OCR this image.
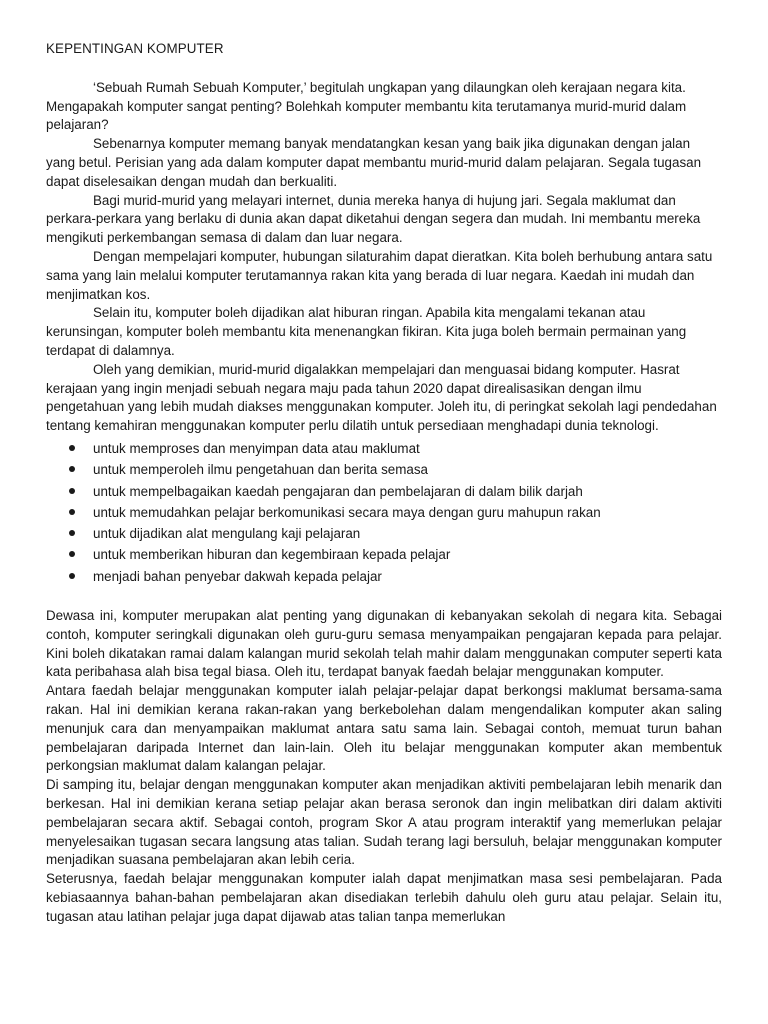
KEPENTINGAN KOMPUTER

‘Sebuah Rumah Sebuah Komputer,’ begitulah ungkapan yang dilaungkan oleh kerajaan negara kita. Mengapakah komputer sangat penting? Bolehkah komputer membantu kita terutamanya murid-murid dalam pelajaran?

Sebenarnya komputer memang banyak mendatangkan kesan yang baik jika digunakan dengan jalan yang betul. Perisian yang ada dalam komputer dapat membantu murid-murid dalam pelajaran. Segala tugasan dapat diselesaikan dengan mudah dan berkualiti.

Bagi murid-murid yang melayari internet, dunia mereka hanya di hujung jari. Segala maklumat dan perkara-perkara yang berlaku di dunia akan dapat diketahui dengan segera dan mudah. Ini membantu mereka mengikuti perkembangan semasa di dalam dan luar negara.

Dengan mempelajari komputer, hubungan silaturahim dapat dieratkan. Kita boleh berhubung antara satu sama yang lain melalui komputer terutamannya rakan kita yang berada di luar negara. Kaedah ini mudah dan menjimatkan kos.

Selain itu, komputer boleh dijadikan alat hiburan ringan. Apabila kita mengalami tekanan atau kerunsingan, komputer boleh membantu kita menenangkan fikiran. Kita juga boleh bermain permainan yang terdapat di dalamnya.

Oleh yang demikian, murid-murid digalakkan mempelajari dan menguasai bidang komputer. Hasrat kerajaan yang ingin menjadi sebuah negara maju pada tahun 2020 dapat direalisasikan dengan ilmu pengetahuan yang lebih mudah diakses menggunakan komputer. Joleh itu, di peringkat sekolah lagi pendedahan tentang kemahiran menggunakan komputer perlu dilatih untuk persediaan menghadapi dunia teknologi.

untuk memproses dan menyimpan data atau maklumat
untuk memperoleh ilmu pengetahuan dan berita semasa
untuk mempelbagaikan kaedah pengajaran dan pembelajaran di dalam bilik darjah
untuk memudahkan pelajar berkomunikasi secara maya dengan guru mahupun rakan
untuk dijadikan alat mengulang kaji pelajaran
untuk memberikan hiburan dan kegembiraan kepada pelajar
menjadi bahan penyebar dakwah kepada pelajar

Dewasa ini, komputer merupakan alat penting yang digunakan di kebanyakan sekolah di negara kita. Sebagai contoh, komputer seringkali digunakan oleh guru-guru semasa menyampaikan pengajaran kepada para pelajar. Kini boleh dikatakan ramai dalam kalangan murid sekolah telah mahir dalam menggunakan computer seperti kata kata peribahasa alah bisa tegal biasa. Oleh itu, terdapat banyak faedah belajar menggunakan komputer.

Antara faedah belajar menggunakan komputer ialah pelajar-pelajar dapat berkongsi maklumat bersama-sama rakan. Hal ini demikian kerana rakan-rakan yang berkebolehan dalam mengendalikan komputer akan saling menunjuk cara dan menyampaikan maklumat antara satu sama lain. Sebagai contoh, memuat turun bahan pembelajaran daripada Internet dan lain-lain. Oleh itu belajar menggunakan komputer akan membentuk perkongsian maklumat dalam kalangan pelajar.

Di samping itu, belajar dengan menggunakan komputer akan menjadikan aktiviti pembelajaran lebih menarik dan berkesan. Hal ini demikian kerana setiap pelajar akan berasa seronok dan ingin melibatkan diri dalam aktiviti pembelajaran secara aktif. Sebagai contoh, program Skor A atau program interaktif yang memerlukan pelajar menyelesaikan tugasan secara langsung atas talian. Sudah terang lagi bersuluh, belajar menggunakan komputer menjadikan suasana pembelajaran akan lebih ceria.

Seterusnya, faedah belajar menggunakan komputer ialah dapat menjimatkan masa sesi pembelajaran. Pada kebiasaannya bahan-bahan pembelajaran akan disediakan terlebih dahulu oleh guru atau pelajar. Selain itu, tugasan atau latihan pelajar juga dapat dijawab atas talian tanpa memerlukan
